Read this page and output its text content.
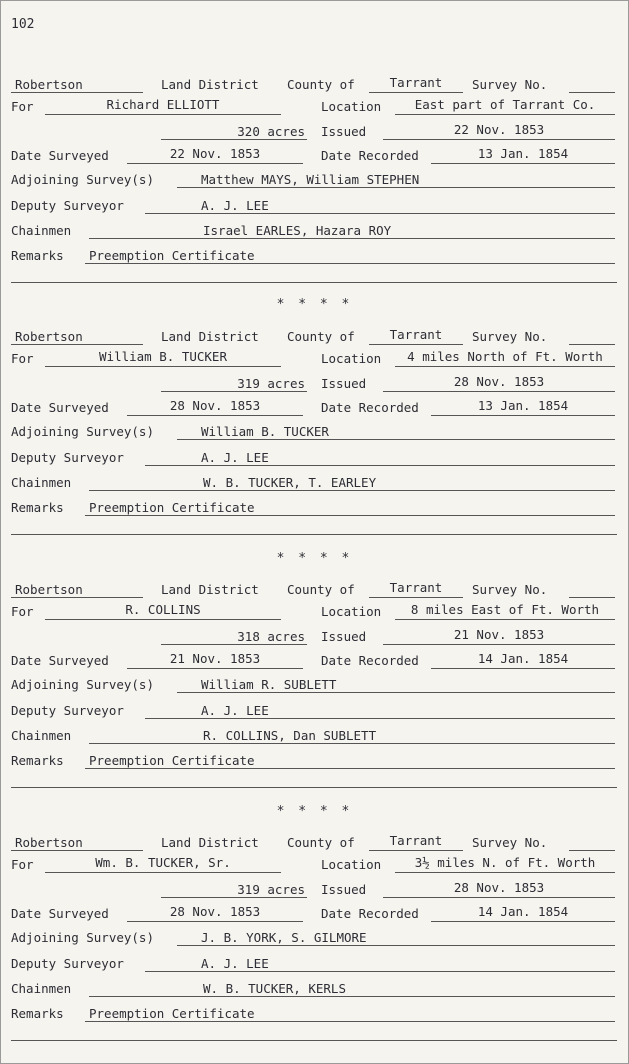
102
Robertson	Land District County of	Tarrant	Survey No.
For	Richard ELLIOTT	Location	East part of Tarrant Co.
320 acres Issued	22 Nov. 1853
Date Surveyed	22 Nov. 1853	Date Recorded	13 Jan. 1854
Adjoining Survey(s)	Matthew MAYS, William STEPHEN
Deputy Surveyor	A. J. LEE
Chainmen	Israel EARLES, Hazara ROY
Remarks	Preemption Certificate
* * * *
Robertson	Land District County of	Tarrant	Survey No.
For	William B. TUCKER	Location	4 miles North of Ft. Worth
319 acres Issued	28 Nov. 1853
Date Surveyed	28 Nov. 1853	Date Recorded	13 Jan. 1854
Adjoining Survey(s)	William B. TUCKER
Deputy Surveyor	A. J. LEE
Chainmen	W. B. TUCKER, T. EARLEY
Remarks	Preemption Certificate
* * * *
Robertson	Land District County of	Tarrant	Survey No.
For	R. COLLINS	Location	8 miles East of Ft. Worth
318 acres Issued	21 Nov. 1853
Date Surveyed	21 Nov. 1853	Date Recorded	14 Jan. 1854
Adjoining Survey(s)	William R. SUBLETT
Deputy Surveyor	A. J. LEE
Chainmen	R. COLLINS, Dan SUBLETT
Remarks	Preemption Certificate
* * * *
Robertson	Land District County of	Tarrant	Survey No.
For	Wm. B. TUCKER, Sr.	Location	3½ miles N. of Ft. Worth
319 acres Issued	28 Nov. 1853
Date Surveyed	28 Nov. 1853	Date Recorded	14 Jan. 1854
Adjoining Survey(s)	J. B. YORK, S. GILMORE
Deputy Surveyor	A. J. LEE
Chainmen	W. B. TUCKER, KERLS
Remarks	Preemption Certificate
